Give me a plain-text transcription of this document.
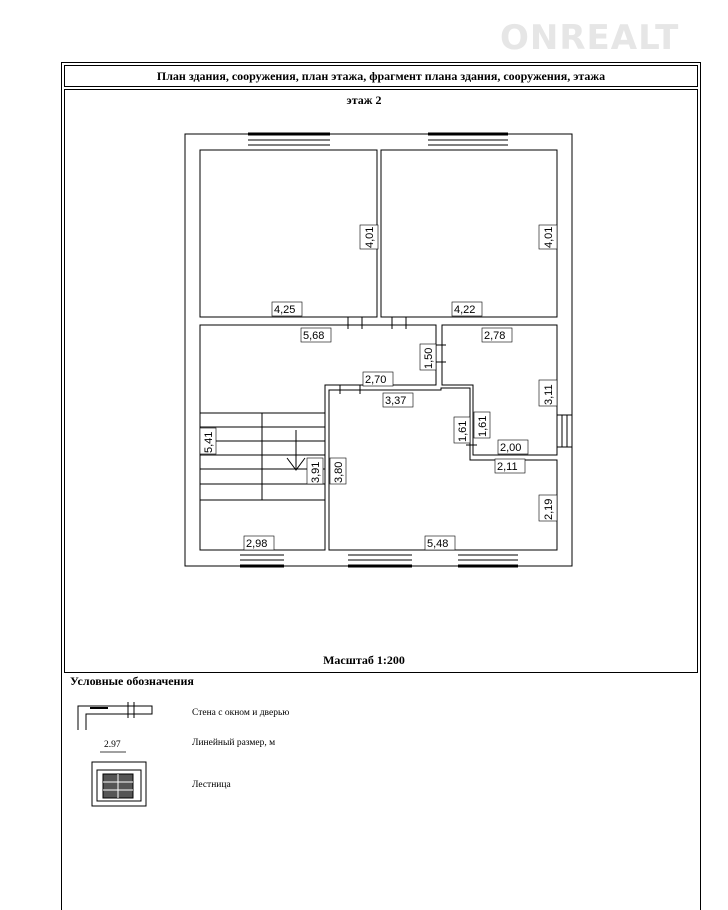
ONREALT
План здания, сооружения, план этажа, фрагмент плана здания, сооружения, этажа
этаж 2
4,01
4,25
4,01
4,22
5,68
1,50
2,78
2,70
3,37	3,11
1,61 1,61
2,00
2,11
5,41
3,91 3,80
2,19
2,98	5,48
Масштаб 1:200
Условные обозначения
Стена с окном и дверью
2.97	Линейный размер, м
Лестница
